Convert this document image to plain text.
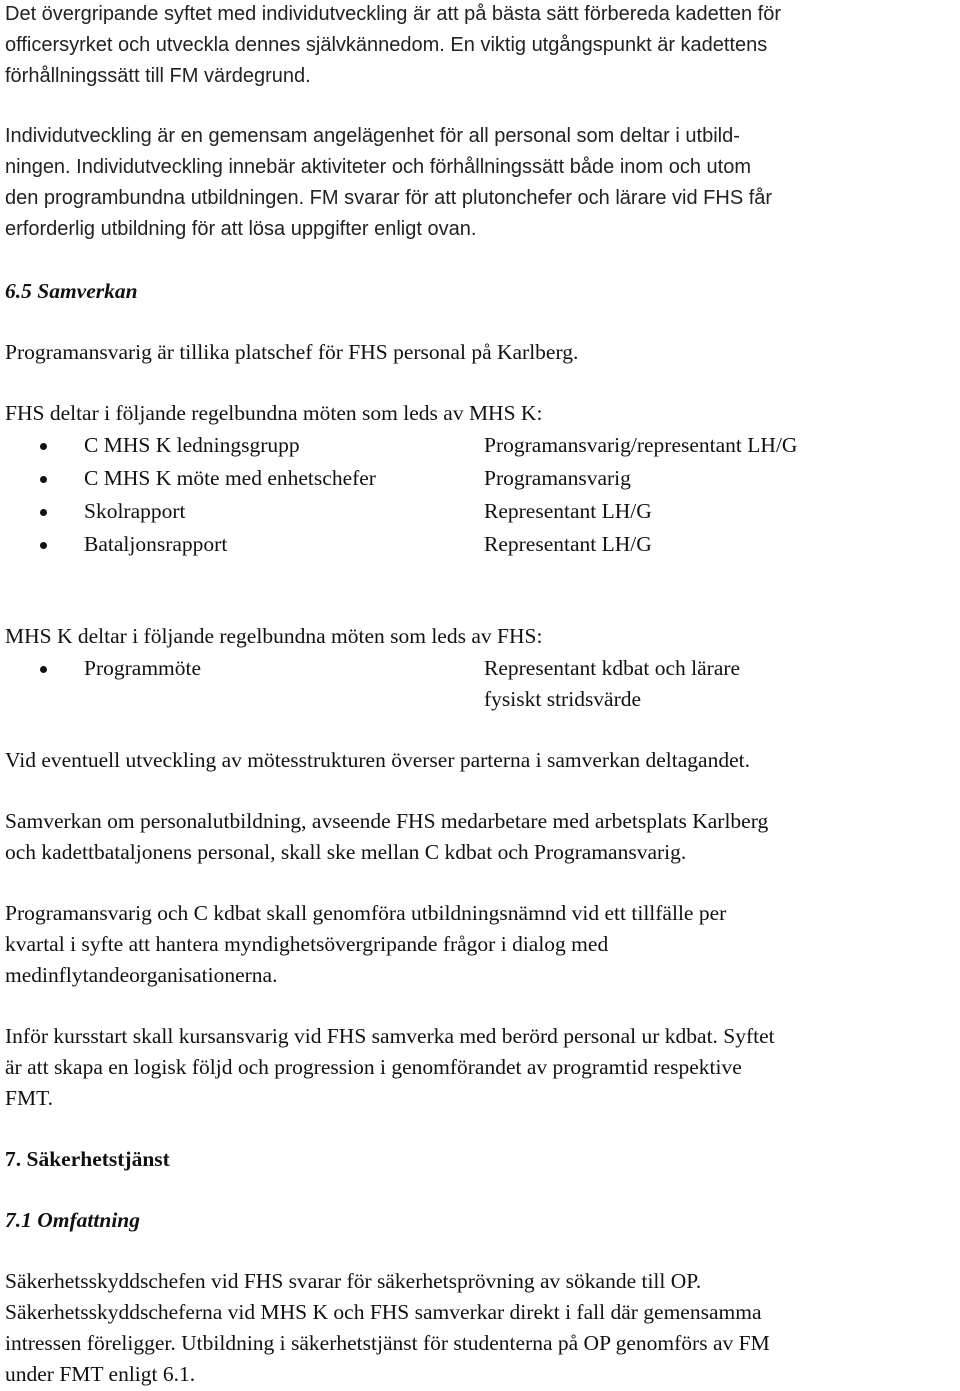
Det övergripande syftet med individutveckling är att på bästa sätt förbereda kadetten för
officersyrket och utveckla dennes självkännedom. En viktig utgångspunkt är kadettens
förhållningssätt till FM värdegrund.
Individutveckling är en gemensam angelägenhet för all personal som deltar i utbild-
ningen. Individutveckling innebär aktiviteter och förhållningssätt både inom och utom
den programbundna utbildningen. FM svarar för att plutonchefer och lärare vid FHS får
erforderlig utbildning för att lösa uppgifter enligt ovan.
6.5 Samverkan
Programansvarig är tillika platschef för FHS personal på Karlberg.
FHS deltar i följande regelbundna möten som leds av MHS K:
C MHS K ledningsgrupp	Programansvarig/representant LH/G
C MHS K möte med enhetschefer	Programansvarig
Skolrapport	Representant LH/G
Bataljonsrapport	Representant LH/G
MHS K deltar i följande regelbundna möten som leds av FHS:
Programmöte	Representant kdbat och lärare
fysiskt stridsvärde
Vid eventuell utveckling av mötesstrukturen överser parterna i samverkan deltagandet.
Samverkan om personalutbildning, avseende FHS medarbetare med arbetsplats Karlberg
och kadettbataljonens personal, skall ske mellan C kdbat och Programansvarig.
Programansvarig och C kdbat skall genomföra utbildningsnämnd vid ett tillfälle per
kvartal i syfte att hantera myndighetsövergripande frågor i dialog med
medinflytandeorganisationerna.
Inför kursstart skall kursansvarig vid FHS samverka med berörd personal ur kdbat. Syftet
är att skapa en logisk följd och progression i genomförandet av programtid respektive
FMT.
7. Säkerhetstjänst
7.1 Omfattning
Säkerhetsskyddschefen vid FHS svarar för säkerhetsprövning av sökande till OP.
Säkerhetsskyddscheferna vid MHS K och FHS samverkar direkt i fall där gemensamma
intressen föreligger. Utbildning i säkerhetstjänst för studenterna på OP genomförs av FM
under FMT enligt 6.1.
